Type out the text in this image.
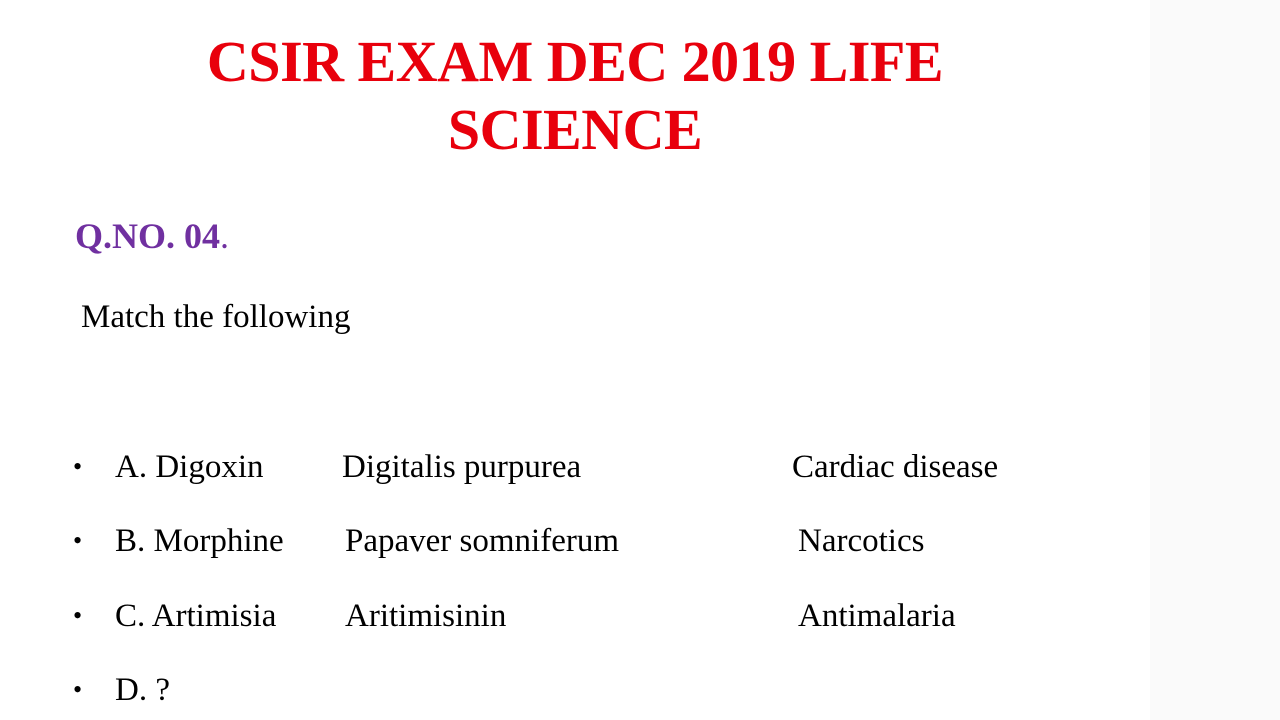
CSIR EXAM DEC 2019 LIFE
SCIENCE
Q.NO. 04.
Match the following
• A. Digoxin Digitalis purpurea	Cardiac disease
• B. Morphine Papaver somniferum	Narcotics
• C. Artimisia Aritimisinin	Antimalaria
• D. ?
